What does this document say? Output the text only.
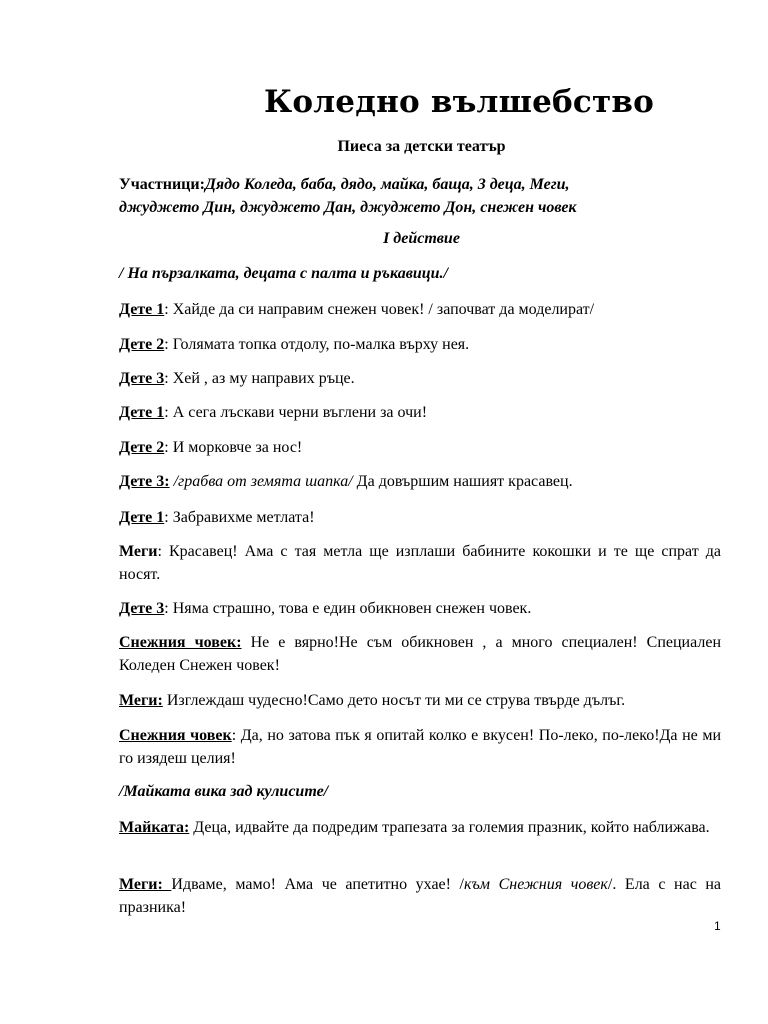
Коледно вълшебство
Пиеса за детски театър
Участници:Дядо Коледа, баба, дядо, майка, баща, 3 деца, Меги,
джуджето Дин, джуджето Дан, джуджето Дон, снежен човек
I действие
/ На пързалката, децата с палта и ръкавици./
Дете 1: Хайде да си направим снежен човек! / започват да моделират/
Дете 2: Голямата топка отдолу, по-малка върху нея.
Дете 3: Хей , аз му направих ръце.
Дете 1: А сега лъскави черни въглени за очи!
Дете 2: И морковче за нос!
Дете 3: /грабва от земята шапка/ Да довършим нашият красавец.
Дете 1: Забравихме метлата!
Меги: Красавец! Ама с тая метла ще изплаши бабините кокошки и те ще спрат да носят.
Дете 3: Няма страшно, това е един обикновен снежен човек.
Снежния човек: Не е вярно!Не съм обикновен , а много специален! Специален Коледен Снежен човек!
Меги: Изглеждаш чудесно!Само дето носът ти ми се струва твърде дълъг.
Снежния човек: Да, но затова пък я опитай колко е вкусен! По-леко, по-леко!Да не ми го изядеш целия!
/Майката вика зад кулисите/
Майката: Деца, идвайте да подредим трапезата за големия празник, който наближава.
Меги: Идваме, мамо! Ама че апетитно ухае! /към Снежния човек/. Ела с нас на празника!
1
